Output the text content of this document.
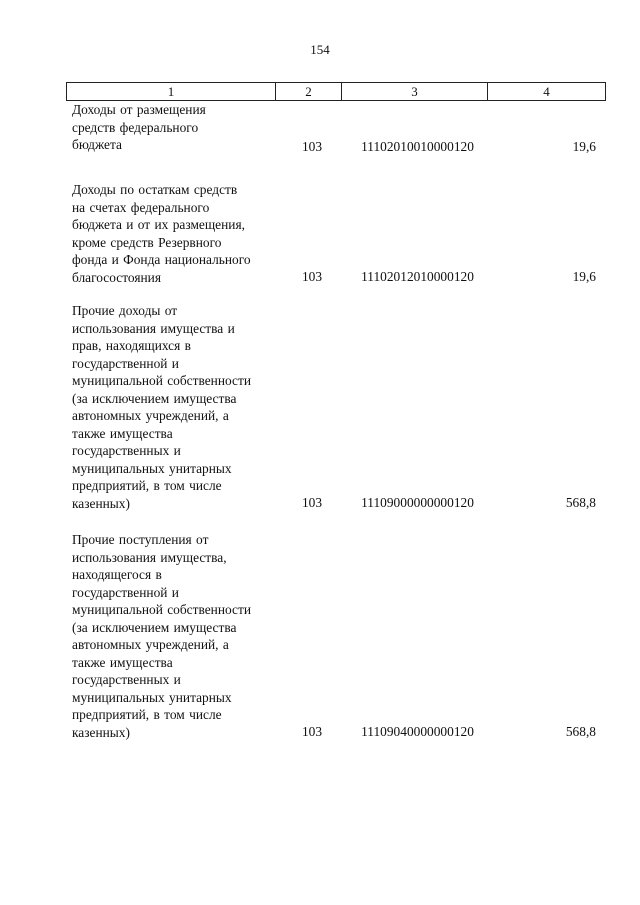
154
1	2	3	4
Доходы от размещения
средств федерального
бюджета	103	11102010010000120	19,6
Доходы по остаткам средств
на счетах федерального
бюджета и от их размещения,
кроме средств Резервного
фонда и Фонда национального
благосостояния	103	11102012010000120	19,6
Прочие доходы от
использования имущества и
прав, находящихся в
государственной и
муниципальной собственности
(за исключением имущества
автономных учреждений, а
также имущества
государственных и
муниципальных унитарных
предприятий, в том числе
казенных)	103	11109000000000120	568,8
Прочие поступления от
использования имущества,
находящегося в
государственной и
муниципальной собственности
(за исключением имущества
автономных учреждений, а
также имущества
государственных и
муниципальных унитарных
предприятий, в том числе
казенных)	103	11109040000000120	568,8
